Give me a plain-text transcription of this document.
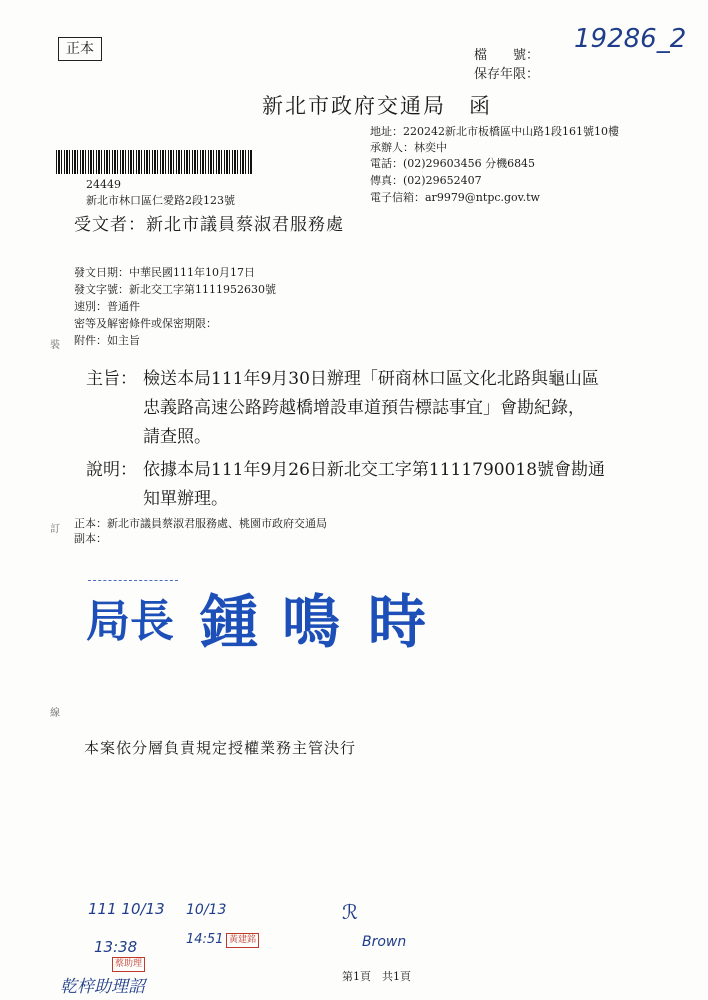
正本	檔　　號：
保存年限：
19286_2
新北市政府交通局　函
地址：220242新北市板橋區中山路1段161號10樓
承辦人：林奕中
電話：(02)29603456 分機6845
傳真：(02)29652407
電子信箱：ar9979@ntpc.gov.tw
24449
新北市林口區仁愛路2段123號
受文者：新北市議員蔡淑君服務處
發文日期：中華民國111年10月17日
發文字號：新北交工字第1111952630號
速別：普通件
密等及解密條件或保密期限：
附件：如主旨
主旨： 檢送本局111年9月30日辦理「研商林口區文化北路與龜山區
忠義路高速公路跨越橋增設車道預告標誌事宜」會勘紀錄，
請查照。
說明： 依據本局111年9月26日新北交工字第1111790018號會勘通
知單辦理。
正本：新北市議員蔡淑君服務處、桃園市政府交通局
副本：
局長 鍾 鳴 時
本案依分層負責規定授權業務主管決行
裝
訂
線
111 10/13
13:38
蔡助理
乾梓助理詔
10/13
14:51 黃建銘	Brown
ℛ
第1頁　共1頁
